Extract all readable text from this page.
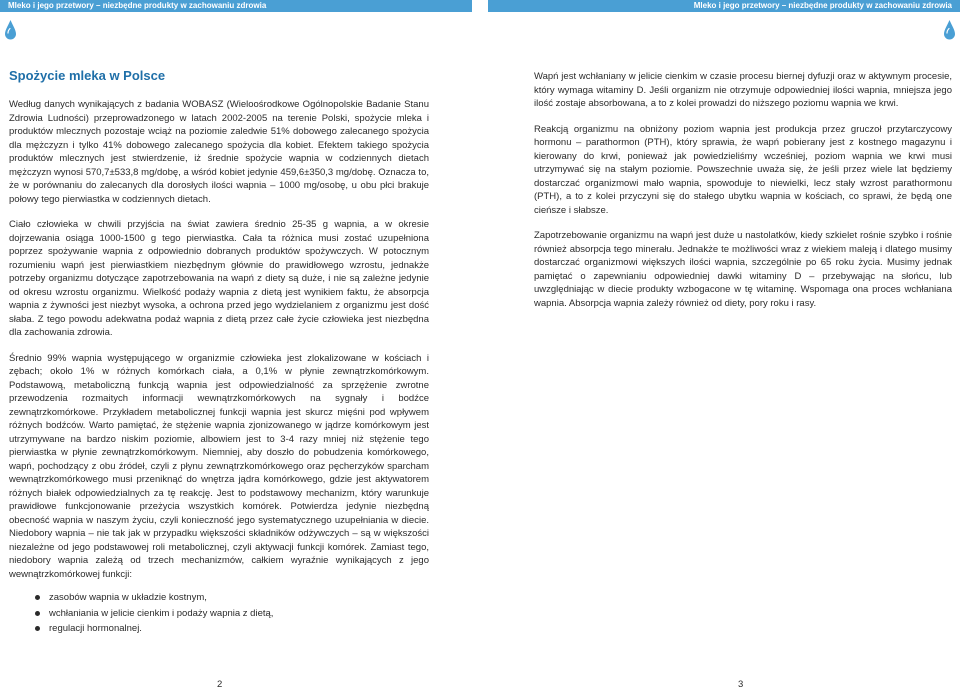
Mleko i jego przetwory – niezbędne produkty w zachowaniu zdrowia	Mleko i jego przetwory – niezbędne produkty w zachowaniu zdrowia
Spożycie mleka w Polsce

Według danych wynikających z badania WOBASZ (Wieloośrodkowe Ogólnopolskie Badanie Stanu Zdrowia Ludności) przeprowadzonego w latach 2002-2005 na terenie Polski, spożycie mleka i produktów mlecznych pozostaje wciąż na poziomie zaledwie 51% dobowego zalecanego spożycia dla mężczyzn i tylko 41% dobowego zalecanego spożycia dla kobiet. Efektem takiego spożycia produktów mlecznych jest stwierdzenie, iż średnie spożycie wapnia w codziennych dietach mężczyzn wynosi 570,7±533,8 mg/dobę, a wśród kobiet jedynie 459,6±350,3 mg/dobę. Oznacza to, że w porównaniu do zalecanych dla dorosłych ilości wapnia – 1000 mg/osobę, u obu płci brakuje połowy tego pierwiastka w codziennych dietach.

Ciało człowieka w chwili przyjścia na świat zawiera średnio 25-35 g wapnia, a w okresie dojrzewania osiąga 1000-1500 g tego pierwiastka. Cała ta różnica musi zostać uzupełniona poprzez spożywanie wapnia z odpowiednio dobranych produktów spożywczych. W potocznym rozumieniu wapń jest pierwiastkiem niezbędnym głównie do prawidłowego wzrostu, jednakże potrzeby organizmu dotyczące zapotrzebowania na wapń z diety są duże, i nie są zależne jedynie od okresu wzrostu organizmu. Wielkość podaży wapnia z dietą jest wynikiem faktu, że absorpcja wapnia z żywności jest niezbyt wysoka, a ochrona przed jego wydzielaniem z organizmu jest dość słaba. Z tego powodu adekwatna podaż wapnia z dietą przez całe życie człowieka jest niezbędna dla zachowania zdrowia.

Średnio 99% wapnia występującego w organizmie człowieka jest zlokalizowane w kościach i zębach; około 1% w różnych komórkach ciała, a 0,1% w płynie zewnątrzkomórkowym. Podstawową, metaboliczną funkcją wapnia jest odpowiedzialność za sprzężenie zwrotne przewodzenia rozmaitych informacji wewnątrzkomórkowych na sygnały i bodźce zewnątrzkomórkowe. Przykładem metabolicznej funkcji wapnia jest skurcz mięśni pod wpływem różnych bodźców. Warto pamiętać, że stężenie wapnia zjonizowanego w jądrze komórkowym jest utrzymywane na bardzo niskim poziomie, albowiem jest to 3-4 razy mniej niż stężenie tego pierwiastka w płynie zewnątrzkomórkowym. Niemniej, aby doszło do pobudzenia komórkowego, wapń, pochodzący z obu źródeł, czyli z płynu zewnątrzkomórkowego oraz pęcherzyków sparcham wewnątrzkomórkowego musi przeniknąć do wnętrza jądra komórkowego, gdzie jest aktywatorem różnych białek odpowiedzialnych za tę reakcję. Jest to podstawowy mechanizm, który warunkuje prawidłowe funkcjonowanie przeżycia wszystkich komórek. Potwierdza jedynie niezbędną obecność wapnia w naszym życiu, czyli konieczność jego systematycznego uzupełniania w diecie. Niedobory wapnia – nie tak jak w przypadku większości składników odżywczych – są w większości niezależne od jego podstawowej roli metabolicznej, czyli aktywacji funkcji komórek. Zamiast tego, niedobory wapnia zależą od trzech mechanizmów, całkiem wyraźnie wynikających z jego wewnątrzkomórkowej funkcji:

zasobów wapnia w układzie kostnym,
wchłaniania w jelicie cienkim i podaży wapnia z dietą,
regulacji hormonalnej.

Wapń jest wchłaniany w jelicie cienkim w czasie procesu biernej dyfuzji oraz w aktywnym procesie, który wymaga witaminy D. Jeśli organizm nie otrzymuje odpowiedniej ilości wapnia, mniejsza jego ilość zostaje absorbowana, a to z kolei prowadzi do niższego poziomu wapnia we krwi.

Reakcją organizmu na obniżony poziom wapnia jest produkcja przez gruczoł przytarczycowy hormonu – parathormon (PTH), który sprawia, że wapń pobierany jest z kostnego magazynu i kierowany do krwi, ponieważ jak powiedzieliśmy wcześniej, poziom wapnia we krwi musi utrzymywać się na stałym poziomie. Powszechnie uważa się, że jeśli przez wiele lat będziemy dostarczać organizmowi mało wapnia, spowoduje to niewielki, lecz stały wzrost parathormonu (PTH), a to z kolei przyczyni się do stałego ubytku wapnia w kościach, co sprawi, że będą one cieńsze i słabsze.

Zapotrzebowanie organizmu na wapń jest duże u nastolatków, kiedy szkielet rośnie szybko i rośnie również absorpcja tego minerału. Jednakże te możliwości wraz z wiekiem maleją i dlatego musimy dostarczać organizmowi większych ilości wapnia, szczególnie po 65 roku życia. Musimy jednak pamiętać o zapewnianiu odpowiedniej dawki witaminy D – przebywając na słońcu, lub uwzględniając w diecie produkty wzbogacone w tę witaminę. Wspomaga ona proces wchłaniana wapnia. Absorpcja wapnia zależy również od diety, pory roku i rasy.

2	3
